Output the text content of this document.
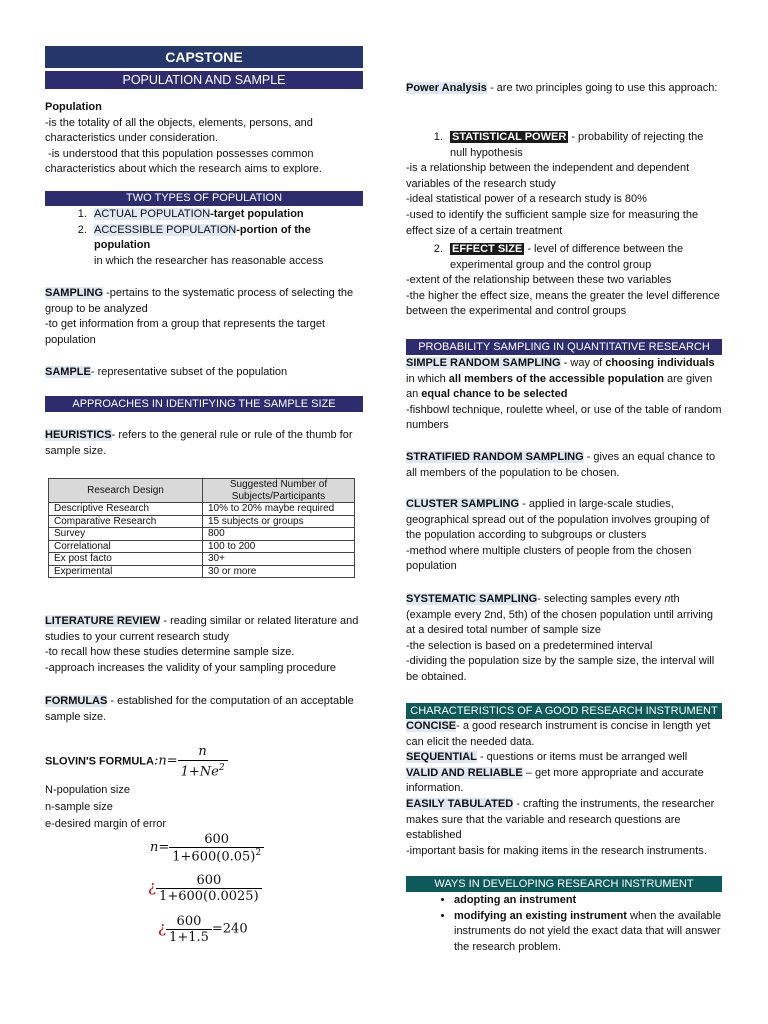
CAPSTONE
POPULATION AND SAMPLE
Population
-is the totality of all the objects, elements, persons, and characteristics under consideration.
-is understood that this population possesses common characteristics about which the research aims to explore.
TWO TYPES OF POPULATION
1. ACTUAL POPULATION-target population
2. ACCESSIBLE POPULATION-portion of the population
in which the researcher has reasonable access
SAMPLING -pertains to the systematic process of selecting the group to be analyzed
-to get information from a group that represents the target population
SAMPLE- representative subset of the population
APPROACHES IN IDENTIFYING THE SAMPLE SIZE
HEURISTICS- refers to the general rule or rule of the thumb for sample size.
Research Design	Suggested Number of Subjects/Participants
Descriptive Research	10% to 20% maybe required
Comparative Research	15 subjects or groups
Survey	800
Correlational	100 to 200
Ex post facto	30+
Experimental	30 or more
LITERATURE REVIEW - reading similar or related literature and studies to your current research study
-to recall how these studies determine sample size.
-approach increases the validity of your sampling procedure
FORMULAS - established for the computation of an acceptable sample size.
SLOVIN'S FORMULA:n= $\frac{n}{1+Ne^2}$
N-population size
n-sample size
e-desired margin of error
$n= \frac{600}{1+600(0.05)^2}$
¿ $\frac{600}{1+600(0.0025)}$
¿ $\frac{600}{1+1.5} =240$
Power Analysis - are two principles going to use this approach:
1. STATISTICAL POWER - probability of rejecting the null hypothesis
-is a relationship between the independent and dependent variables of the research study
-ideal statistical power of a research study is 80%
-used to identify the sufficient sample size for measuring the effect size of a certain treatment
2. EFFECT SIZE - level of difference between the experimental group and the control group
-extent of the relationship between these two variables
-the higher the effect size, means the greater the level difference between the experimental and control groups
PROBABILITY SAMPLING IN QUANTITATIVE RESEARCH
SIMPLE RANDOM SAMPLING - way of choosing individuals in which all members of the accessible population are given an equal chance to be selected
-fishbowl technique, roulette wheel, or use of the table of random numbers
STRATIFIED RANDOM SAMPLING - gives an equal chance to all members of the population to be chosen.
CLUSTER SAMPLING - applied in large-scale studies, geographical spread out of the population involves grouping of the population according to subgroups or clusters
-method where multiple clusters of people from the chosen population
SYSTEMATIC SAMPLING- selecting samples every nth (example every 2nd, 5th) of the chosen population until arriving at a desired total number of sample size
-the selection is based on a predetermined interval
-dividing the population size by the sample size, the interval will be obtained.
CHARACTERISTICS OF A GOOD RESEARCH INSTRUMENT
CONCISE- a good research instrument is concise in length yet can elicit the needed data.
SEQUENTIAL - questions or items must be arranged well
VALID AND RELIABLE – get more appropriate and accurate information.
EASILY TABULATED - crafting the instruments, the researcher makes sure that the variable and research questions are established
-important basis for making items in the research instruments.
WAYS IN DEVELOPING RESEARCH INSTRUMENT
• adopting an instrument
• modifying an existing instrument when the available instruments do not yield the exact data that will answer the research problem.
